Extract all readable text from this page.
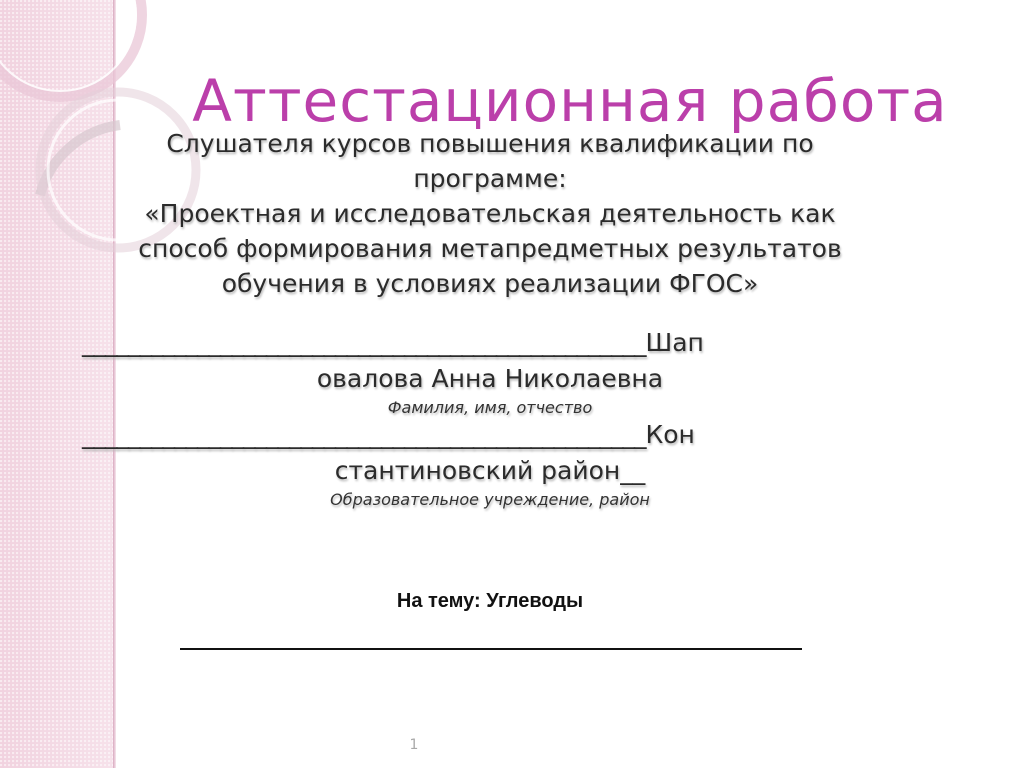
Аттестационная работа
Слушателя курсов повышения квалификации по
программе:
«Проектная и исследовательская деятельность как
способ формирования метапредметных результатов
обучения в условиях реализации ФГОС»
_________________________________________________Шап
овалова Анна Николаевна
Фамилия, имя, отчество
_________________________________________________Кон
стантиновский район__
Образовательное учреждение, район
На тему: Углеводы
1
